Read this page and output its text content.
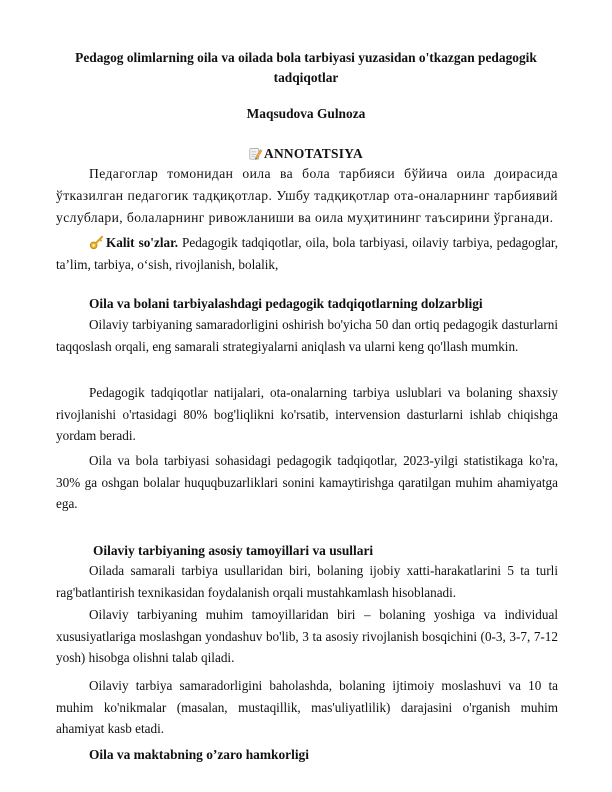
Pedagog olimlarning oila va oilada bola tarbiyasi yuzasidan o'tkazgan pedagogik tadqiqotlar
Maqsudova Gulnoza
ANNOTATSIYA
Педагоглар томонидан оила ва бола тарбияси бўйича оила доирасида ўтказилган педагогик тадқиқотлар. Ушбу тадқиқотлар ота-оналарнинг тарбиявий услублари, болаларнинг ривожланиши ва оила муҳитининг таъсирини ўрганади.
Kalit so'zlar. Pedagogik tadqiqotlar, oila, bola tarbiyasi, oilaviy tarbiya, pedagoglar, ta’lim, tarbiya, o‘sish, rivojlanish, bolalik,
Oila va bolani tarbiyalashdagi pedagogik tadqiqotlarning dolzarbligi
Oilaviy tarbiyaning samaradorligini oshirish bo'yicha 50 dan ortiq pedagogik dasturlarni taqqoslash orqali, eng samarali strategiyalarni aniqlash va ularni keng qo'llash mumkin.
Pedagogik tadqiqotlar natijalari, ota-onalarning tarbiya uslublari va bolaning shaxsiy rivojlanishi o'rtasidagi 80% bog'liqlikni ko'rsatib, intervension dasturlarni ishlab chiqishga yordam beradi.
Oila va bola tarbiyasi sohasidagi pedagogik tadqiqotlar, 2023-yilgi statistikaga ko'ra, 30% ga oshgan bolalar huquqbuzarliklari sonini kamaytirishga qaratilgan muhim ahamiyatga ega.
Oilaviy tarbiyaning asosiy tamoyillari va usullari
Oilada samarali tarbiya usullaridan biri, bolaning ijobiy xatti-harakatlarini 5 ta turli rag'batlantirish texnikasidan foydalanish orqali mustahkamlash hisoblanadi.
Oilaviy tarbiyaning muhim tamoyillaridan biri – bolaning yoshiga va individual xususiyatlariga moslashgan yondashuv bo'lib, 3 ta asosiy rivojlanish bosqichini (0-3, 3-7, 7-12 yosh) hisobga olishni talab qiladi.
Oilaviy tarbiya samaradorligini baholashda, bolaning ijtimoiy moslashuvi va 10 ta muhim ko'nikmalar (masalan, mustaqillik, mas'uliyatlilik) darajasini o'rganish muhim ahamiyat kasb etadi.
Oila va maktabning o’zaro hamkorligi
